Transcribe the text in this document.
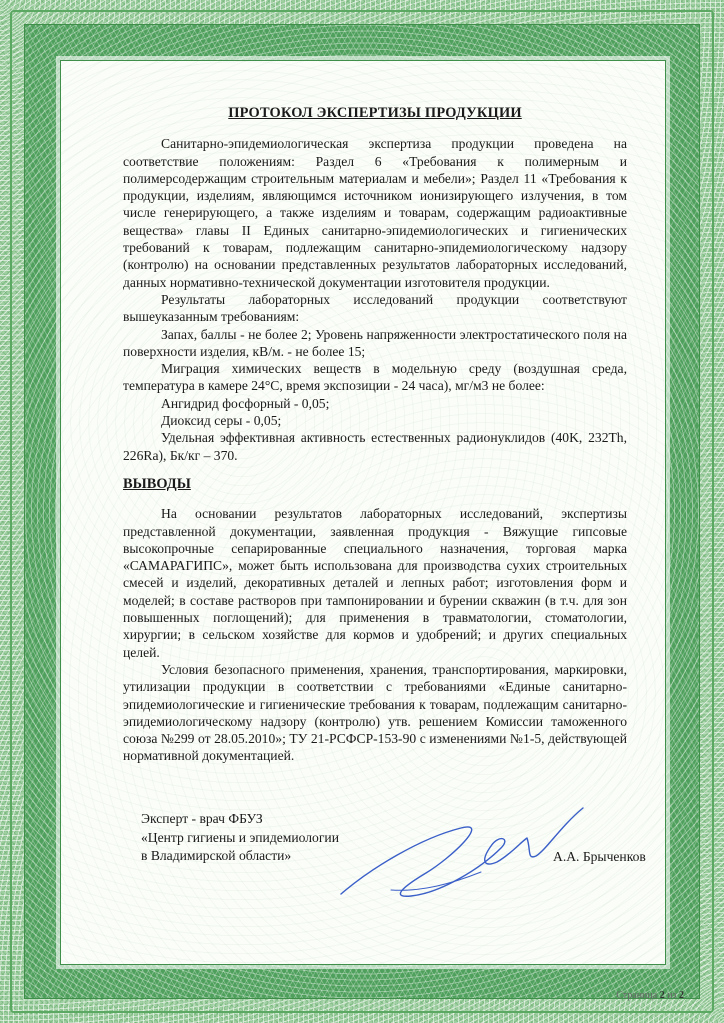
ПРОТОКОЛ ЭКСПЕРТИЗЫ ПРОДУКЦИИ

Санитарно-эпидемиологическая экспертиза продукции проведена на соответствие положениям: Раздел 6 «Требования к полимерным и полимерсодержащим строительным материалам и мебели»; Раздел 11 «Требования к продукции, изделиям, являющимся источником ионизирующего излучения, в том числе генерирующего, а также изделиям и товарам, содержащим радиоактивные вещества» главы II Единых санитарно-эпидемиологических и гигиенических требований к товарам, подлежащим санитарно-эпидемиологическому надзору (контролю) на основании представленных результатов лабораторных исследований, данных нормативно-технической документации изготовителя продукции.

Результаты лабораторных исследований продукции соответствуют вышеуказанным требованиям:

Запах, баллы - не более 2; Уровень напряженности электростатического поля на поверхности изделия, кВ/м. - не более 15;

Миграция химических веществ в модельную среду (воздушная среда, температура в камере 24°С, время экспозиции - 24 часа), мг/м3 не более:

Ангидрид фосфорный - 0,05;

Диоксид серы - 0,05;

Удельная эффективная активность естественных радионуклидов (40K, 232Th, 226Ra), Бк/кг – 370.

ВЫВОДЫ

На основании результатов лабораторных исследований, экспертизы представленной документации, заявленная продукция - Вяжущие гипсовые высокопрочные сепарированные специального назначения, торговая марка «САМАРАГИПС», может быть использована для производства сухих строительных смесей и изделий, декоративных деталей и лепных работ; изготовления форм и моделей; в составе растворов при тампонировании и бурении скважин (в т.ч. для зон повышенных поглощений); для применения в травматологии, стоматологии, хирургии; в сельском хозяйстве для кормов и удобрений; и других специальных целей.

Условия безопасного применения, хранения, транспортирования, маркировки, утилизации продукции в соответствии с требованиями «Единые санитарно-эпидемиологические и гигиенические требования к товарам, подлежащим санитарно-эпидемиологическому надзору (контролю) утв. решением Комиссии таможенного союза №299 от 28.05.2010»; ТУ 21-РСФСР-153-90 с изменениями №1-5, действующей нормативной документацией.

Эксперт - врач ФБУЗ
«Центр гигиены и эпидемиологии
в Владимирской области»	А.А. Брыченков
Страница 2 из 2
